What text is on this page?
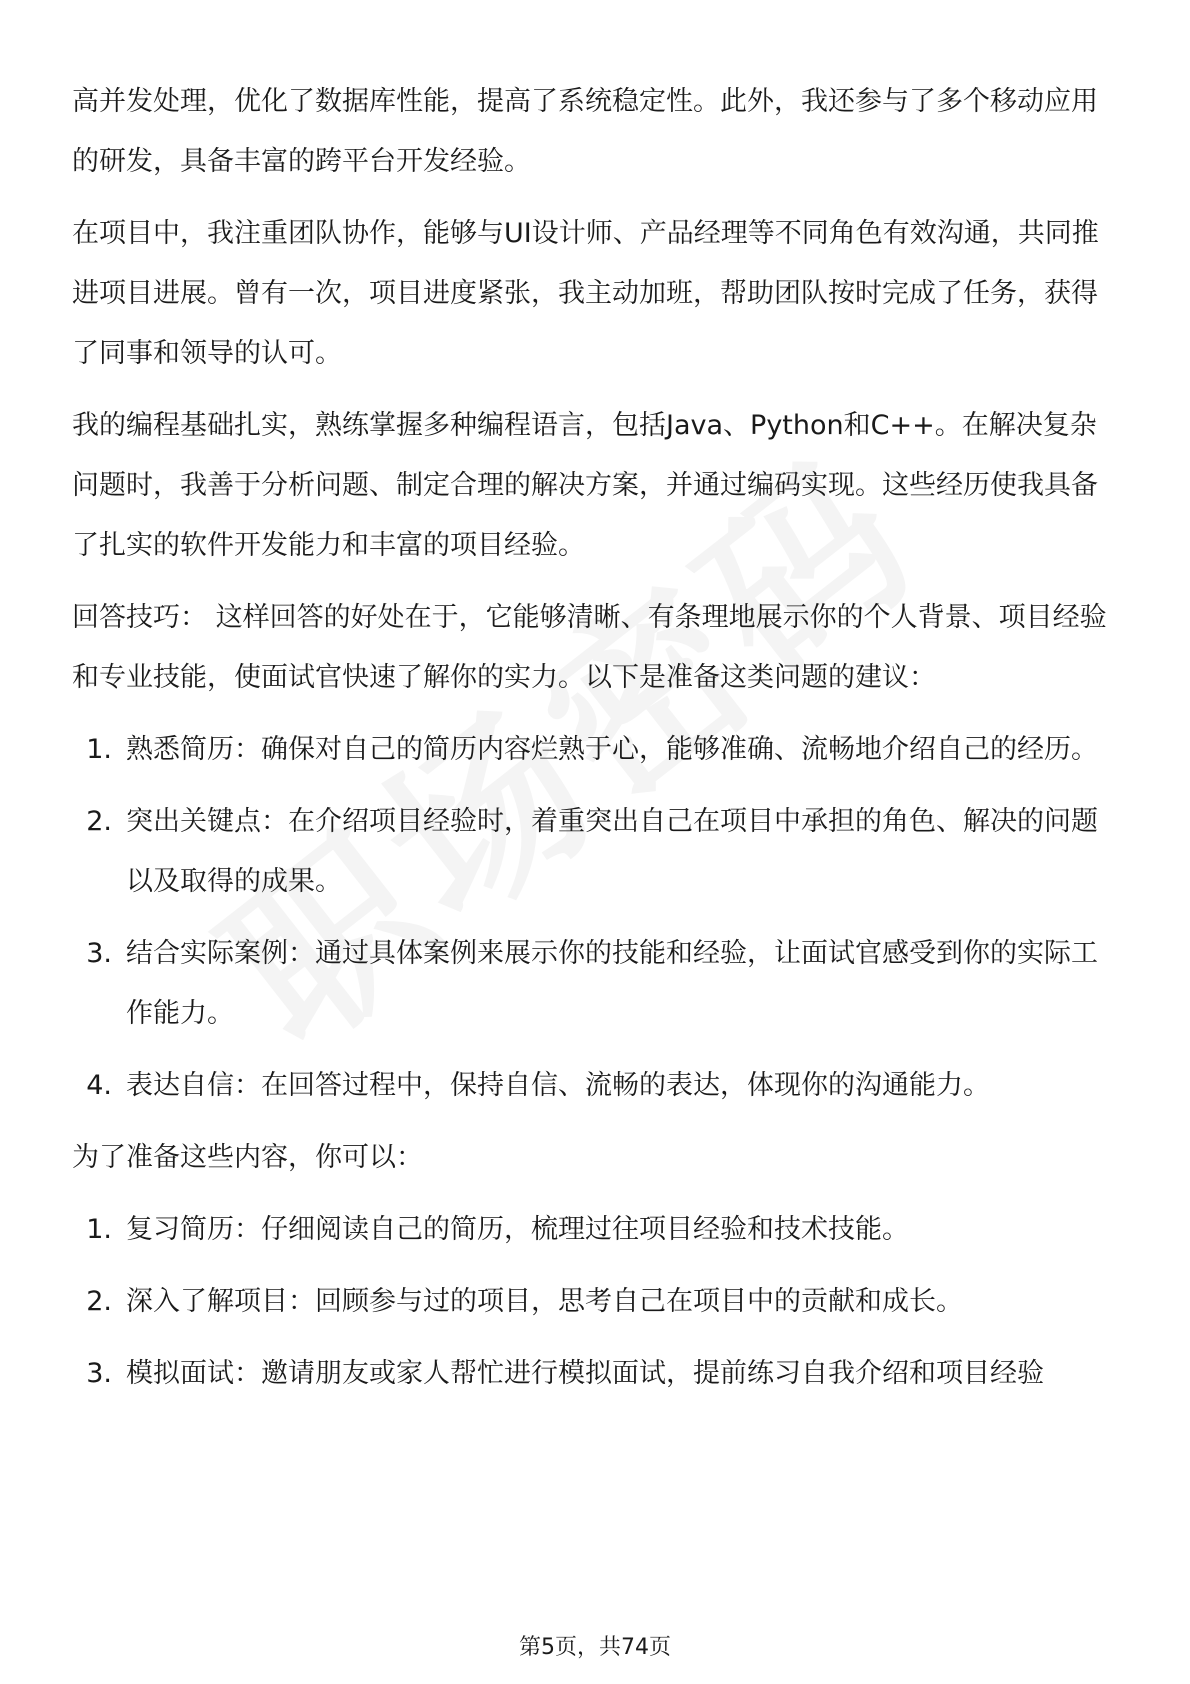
高并发处理，优化了数据库性能，提高了系统稳定性。此外，我还参与了多个移动应用的研发，具备丰富的跨平台开发经验。

在项目中，我注重团队协作，能够与UI设计师、产品经理等不同角色有效沟通，共同推进项目进展。曾有一次，项目进度紧张，我主动加班，帮助团队按时完成了任务，获得了同事和领导的认可。

我的编程基础扎实，熟练掌握多种编程语言，包括Java、Python和C++。在解决复杂问题时，我善于分析问题、制定合理的解决方案，并通过编码实现。这些经历使我具备了扎实的软件开发能力和丰富的项目经验。

回答技巧： 这样回答的好处在于，它能够清晰、有条理地展示你的个人背景、项目经验和专业技能，使面试官快速了解你的实力。以下是准备这类问题的建议：

1. 熟悉简历：确保对自己的简历内容烂熟于心，能够准确、流畅地介绍自己的经历。
2. 突出关键点：在介绍项目经验时，着重突出自己在项目中承担的角色、解决的问题以及取得的成果。
3. 结合实际案例：通过具体案例来展示你的技能和经验，让面试官感受到你的实际工作能力。
4. 表达自信：在回答过程中，保持自信、流畅的表达，体现你的沟通能力。

为了准备这些内容，你可以：

1. 复习简历：仔细阅读自己的简历，梳理过往项目经验和技术技能。
2. 深入了解项目：回顾参与过的项目，思考自己在项目中的贡献和成长。
3. 模拟面试：邀请朋友或家人帮忙进行模拟面试，提前练习自我介绍和项目经验
第5页，共74页
